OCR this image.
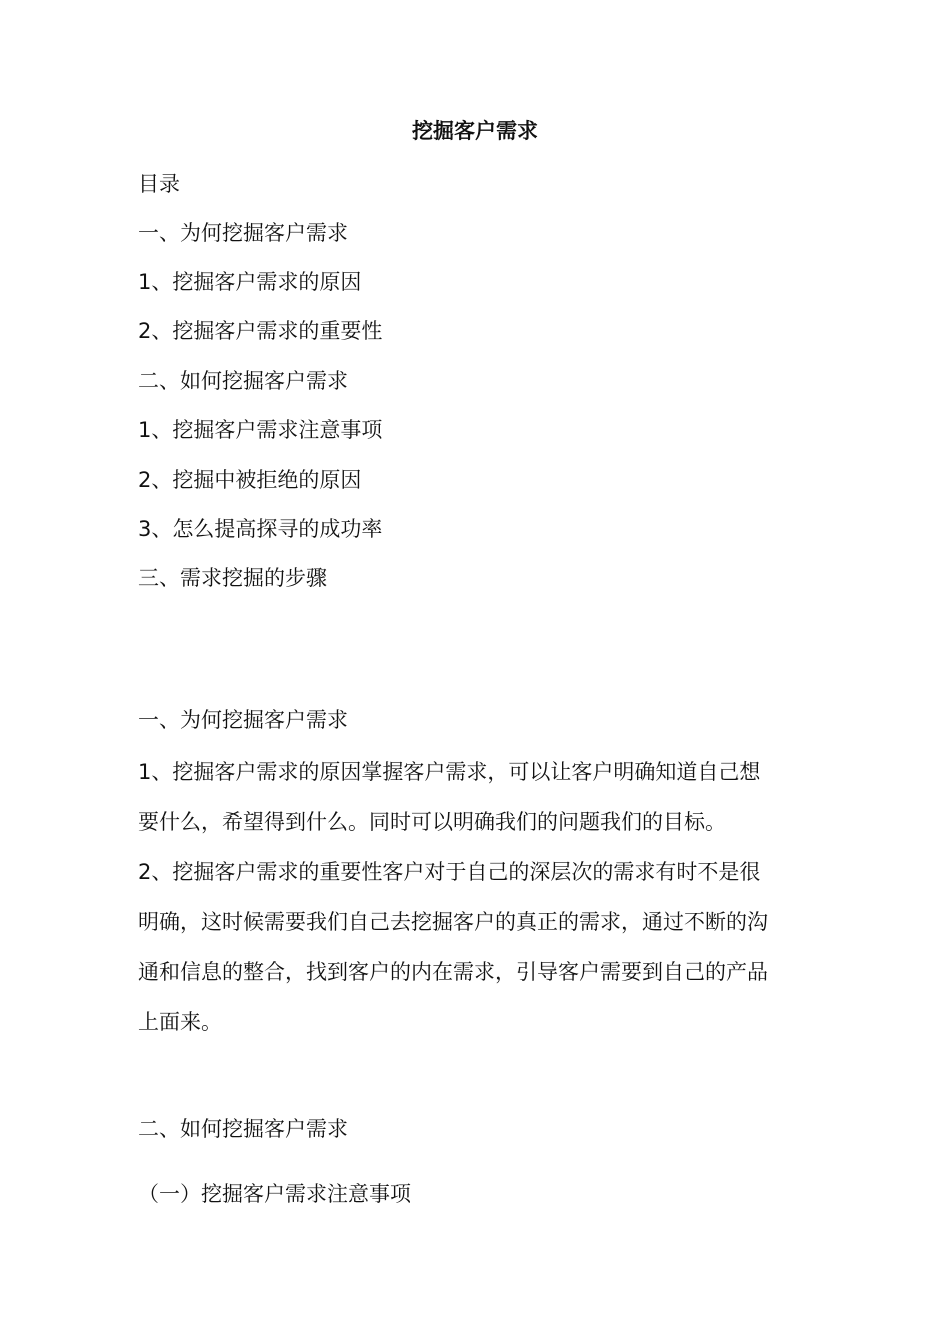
挖掘客户需求
目录
一、为何挖掘客户需求
1、挖掘客户需求的原因
2、挖掘客户需求的重要性
二、如何挖掘客户需求
1、挖掘客户需求注意事项
2、挖掘中被拒绝的原因
3、怎么提高探寻的成功率
三、需求挖掘的步骤
一、为何挖掘客户需求
1、挖掘客户需求的原因掌握客户需求，可以让客户明确知道自己想
要什么，希望得到什么。同时可以明确我们的问题我们的目标。
2、挖掘客户需求的重要性客户对于自己的深层次的需求有时不是很
明确，这时候需要我们自己去挖掘客户的真正的需求，通过不断的沟
通和信息的整合，找到客户的内在需求，引导客户需要到自己的产品
上面来。
二、如何挖掘客户需求
（一）挖掘客户需求注意事项
